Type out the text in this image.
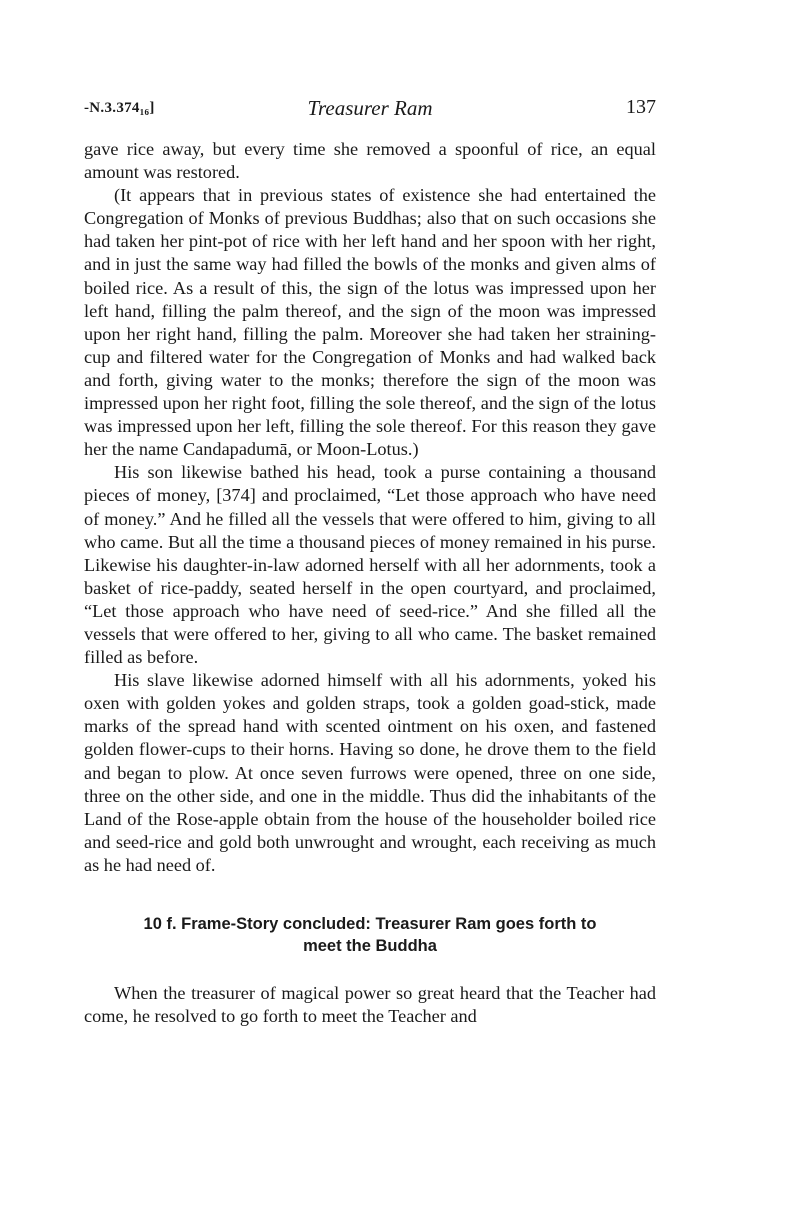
-N.3.374₁₆]	Treasurer Ram	137

gave rice away, but every time she removed a spoonful of rice, an equal amount was restored.

(It appears that in previous states of existence she had entertained the Congregation of Monks of previous Buddhas; also that on such occasions she had taken her pint-pot of rice with her left hand and her spoon with her right, and in just the same way had filled the bowls of the monks and given alms of boiled rice. As a result of this, the sign of the lotus was impressed upon her left hand, filling the palm thereof, and the sign of the moon was impressed upon her right hand, filling the palm. Moreover she had taken her straining-cup and filtered water for the Congregation of Monks and had walked back and forth, giving water to the monks; therefore the sign of the moon was impressed upon her right foot, filling the sole thereof, and the sign of the lotus was impressed upon her left, filling the sole thereof. For this reason they gave her the name Candapadumā, or Moon-Lotus.)

His son likewise bathed his head, took a purse containing a thousand pieces of money, [374] and proclaimed, “Let those approach who have need of money.” And he filled all the vessels that were offered to him, giving to all who came. But all the time a thousand pieces of money remained in his purse. Likewise his daughter-in-law adorned herself with all her adornments, took a basket of rice-paddy, seated herself in the open courtyard, and proclaimed, “Let those approach who have need of seed-rice.” And she filled all the vessels that were offered to her, giving to all who came. The basket remained filled as before.

His slave likewise adorned himself with all his adornments, yoked his oxen with golden yokes and golden straps, took a golden goad-stick, made marks of the spread hand with scented ointment on his oxen, and fastened golden flower-cups to their horns. Having so done, he drove them to the field and began to plow. At once seven furrows were opened, three on one side, three on the other side, and one in the middle. Thus did the inhabitants of the Land of the Rose-apple obtain from the house of the householder boiled rice and seed-rice and gold both unwrought and wrought, each receiving as much as he had need of.

10 f. Frame-Story concluded: Treasurer Ram goes forth to
meet the Buddha

When the treasurer of magical power so great heard that the Teacher had come, he resolved to go forth to meet the Teacher and
